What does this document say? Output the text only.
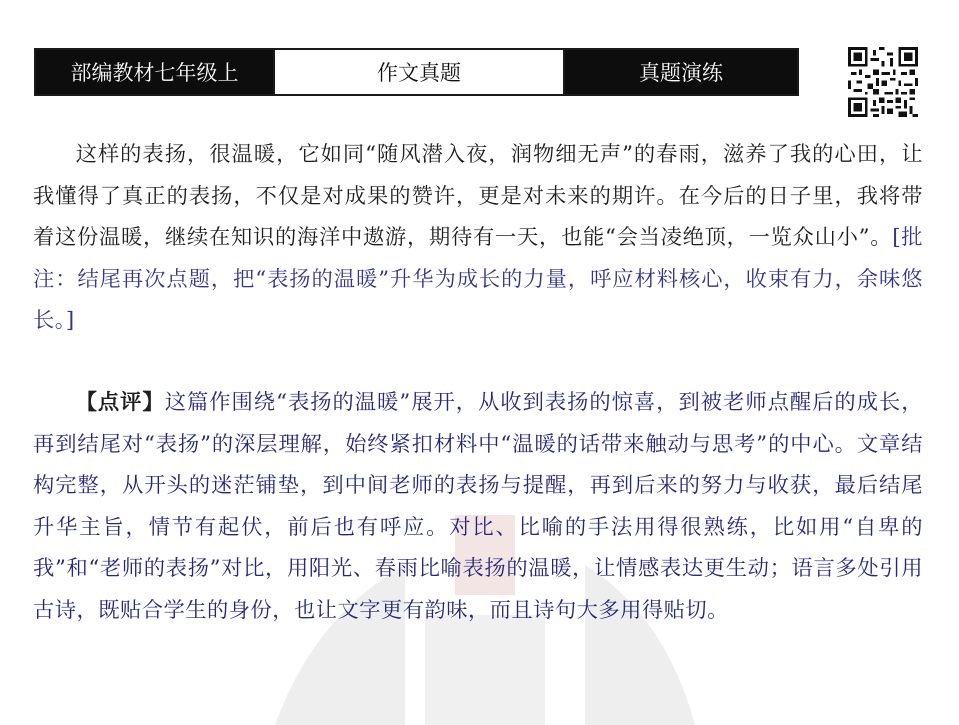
部编教材七年级上	作文真题	真题演练

这样的表扬，很温暖，它如同“随风潜入夜，润物细无声”的春雨，滋养了我的心田，让我懂得了真正的表扬，不仅是对成果的赞许，更是对未来的期许。在今后的日子里，我将带着这份温暖，继续在知识的海洋中遨游，期待有一天，也能“会当凌绝顶，一览众山小”。[批注：结尾再次点题，把“表扬的温暖”升华为成长的力量，呼应材料核心，收束有力，余味悠长。]

【点评】这篇作围绕“表扬的温暖”展开，从收到表扬的惊喜，到被老师点醒后的成长，再到结尾对“表扬”的深层理解，始终紧扣材料中“温暖的话带来触动与思考”的中心。文章结构完整，从开头的迷茫铺垫，到中间老师的表扬与提醒，再到后来的努力与收获，最后结尾升华主旨，情节有起伏，前后也有呼应。对比、比喻的手法用得很熟练，比如用“自卑的我”和“老师的表扬”对比，用阳光、春雨比喻表扬的温暖，让情感表达更生动；语言多处引用古诗，既贴合学生的身份，也让文字更有韵味，而且诗句大多用得贴切。
